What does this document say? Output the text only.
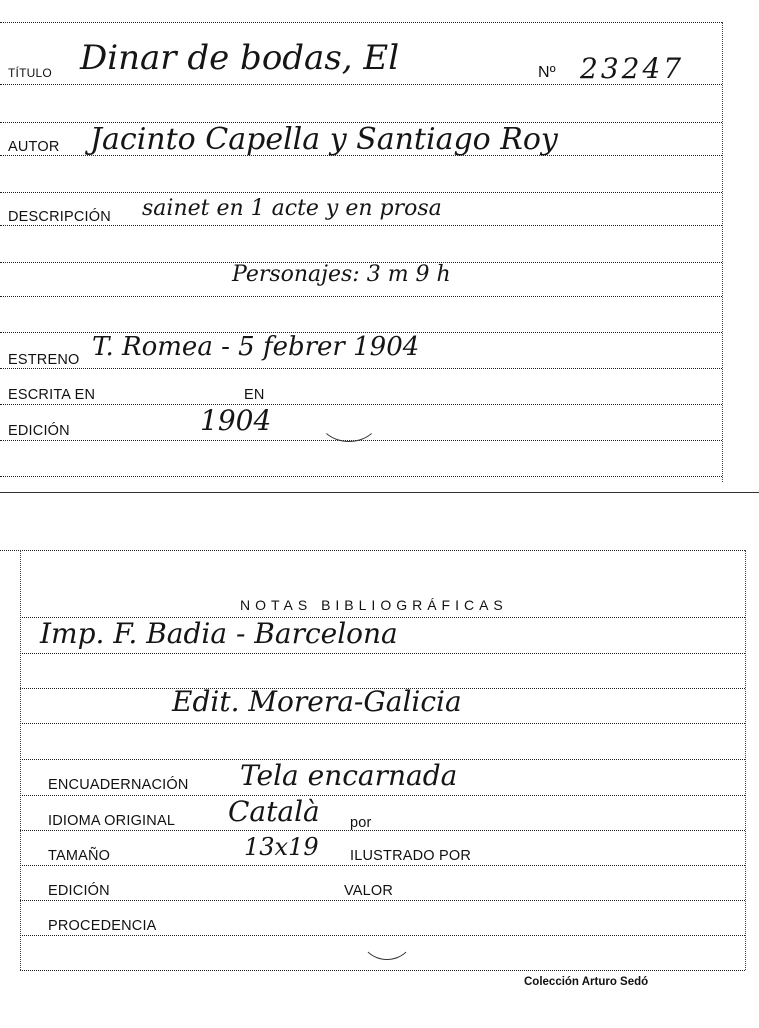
TÍTULO Dinar de bodas, El	Nº 23247
AUTOR Jacinto Capella y Santiago Roy
DESCRIPCIÓN sainet en 1 acte y en prosa
Personajes: 3 m 9 h
ESTRENO T. Romea - 5 febrer 1904
ESCRITA EN	EN
EDICIÓN	1904
NOTAS BIBLIOGRÁFICAS
Imp. F. Badia - Barcelona
Edit. Morera-Galicia
ENCUADERNACIÓN Tela encarnada
IDIOMA ORIGINAL Català por
TAMAÑO	13x19 ILUSTRADO POR
EDICIÓN	VALOR
PROCEDENCIA
Colección Arturo Sedó
